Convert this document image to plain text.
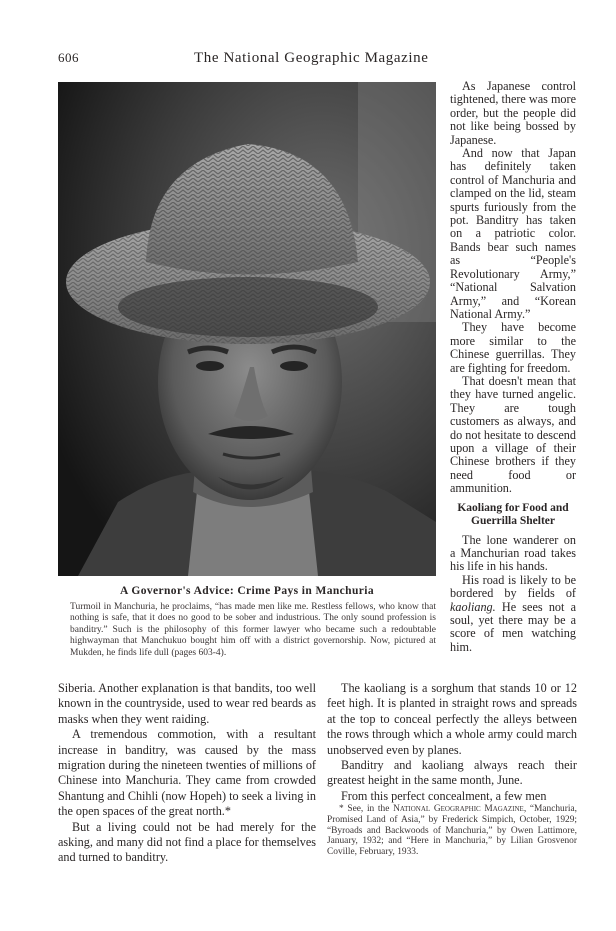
606	The National Geographic Magazine
A Governor's Advice: Crime Pays in Manchuria
Turmoil in Manchuria, he proclaims, “has made men like me. Restless fellows, who know that nothing is safe, that it does no good to be sober and industrious. The only sound profession is banditry.” Such is the philosophy of this former lawyer who became such a redoubtable highwayman that Manchukuo bought him off with a district governorship. Now, pictured at Mukden, he finds life dull (pages 603-4).

As Japanese control tightened, there was more order, but the people did not like being bossed by Japanese.

And now that Japan has definitely taken control of Manchuria and clamped on the lid, steam spurts furiously from the pot. Banditry has taken on a patriotic color. Bands bear such names as “People's Revolutionary Army,” “National Salvation Army,” and “Korean National Army.”

They have become more similar to the Chinese guerrillas. They are fighting for freedom.

That doesn't mean that they have turned angelic. They are tough customers as always, and do not hesitate to descend upon a village of their Chinese brothers if they need food or ammunition.

Kaoliang for Food and Guerrilla Shelter

The lone wanderer on a Manchurian road takes his life in his hands.

His road is likely to be bordered by fields of kaoliang. He sees not a soul, yet there may be a score of men watching him.

Siberia. Another explanation is that bandits, too well known in the countryside, used to wear red beards as masks when they went raiding.

A tremendous commotion, with a resultant increase in banditry, was caused by the mass migration during the nineteen twenties of millions of Chinese into Manchuria. They came from crowded Shantung and Chihli (now Hopeh) to seek a living in the open spaces of the great north.*

But a living could not be had merely for the asking, and many did not find a place for themselves and turned to banditry.

The kaoliang is a sorghum that stands 10 or 12 feet high. It is planted in straight rows and spreads at the top to conceal perfectly the alleys between the rows through which a whole army could march unobserved even by planes.

Banditry and kaoliang always reach their greatest height in the same month, June.

From this perfect concealment, a few men

* See, in the National Geographic Magazine, “Manchuria, Promised Land of Asia,” by Frederick Simpich, October, 1929; “Byroads and Backwoods of Manchuria,” by Owen Lattimore, January, 1932; and “Here in Manchuria,” by Lilian Grosvenor Coville, February, 1933.
